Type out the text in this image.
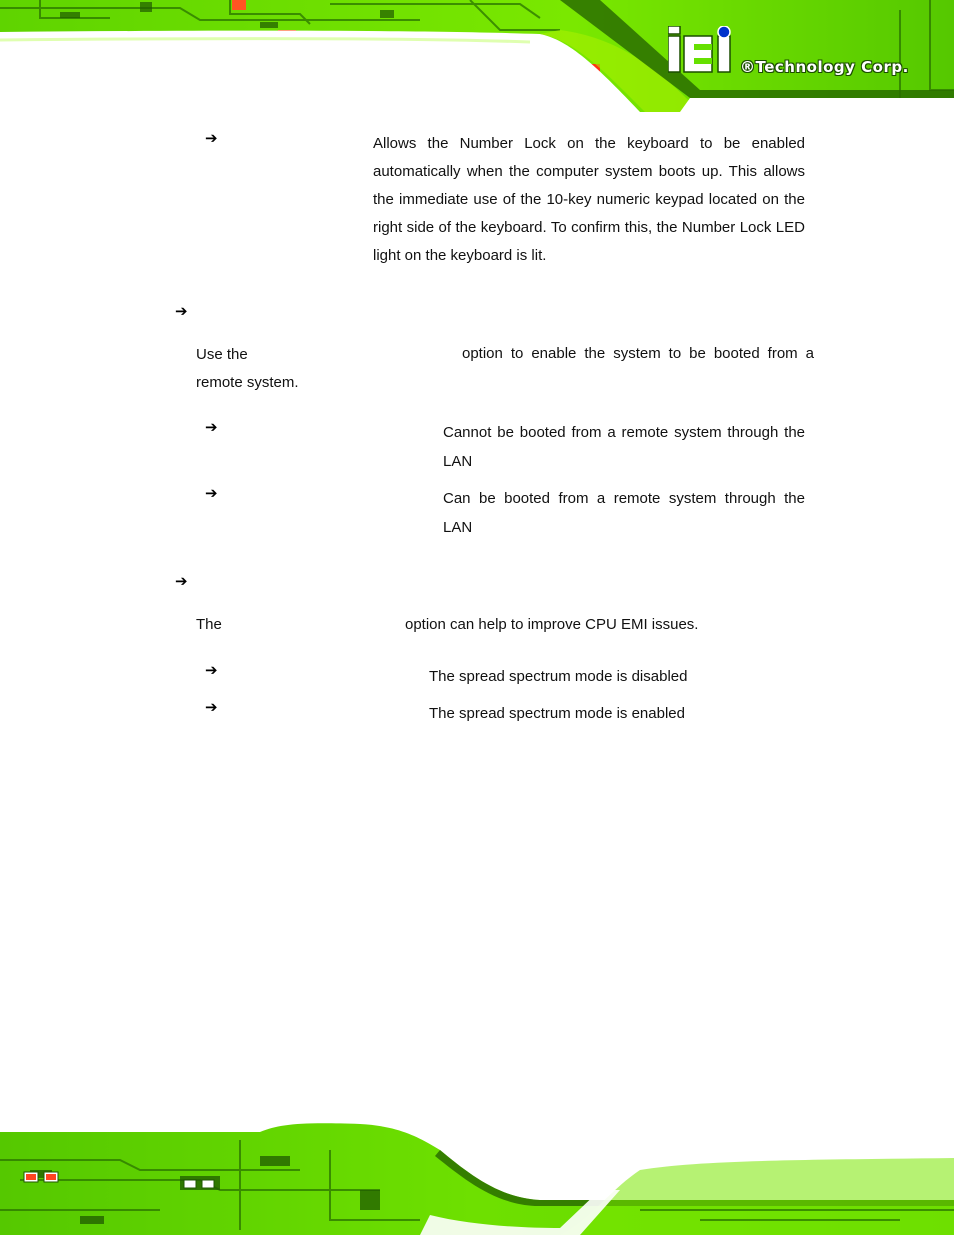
®Technology Corp.
➔	Allows the Number Lock on the keyboard to be enabled automatically when the computer system boots up. This allows the immediate use of the 10-key numeric keypad located on the right side of the keyboard. To confirm this, the Number Lock LED light on the keyboard is lit.
➔
Use the	option to enable the system to be booted from a
remote system.
➔	Cannot be booted from a remote system through the
LAN
➔	Can be booted from a remote system through the
LAN
➔
The	option can help to improve CPU EMI issues.
➔	The spread spectrum mode is disabled
➔	The spread spectrum mode is enabled
